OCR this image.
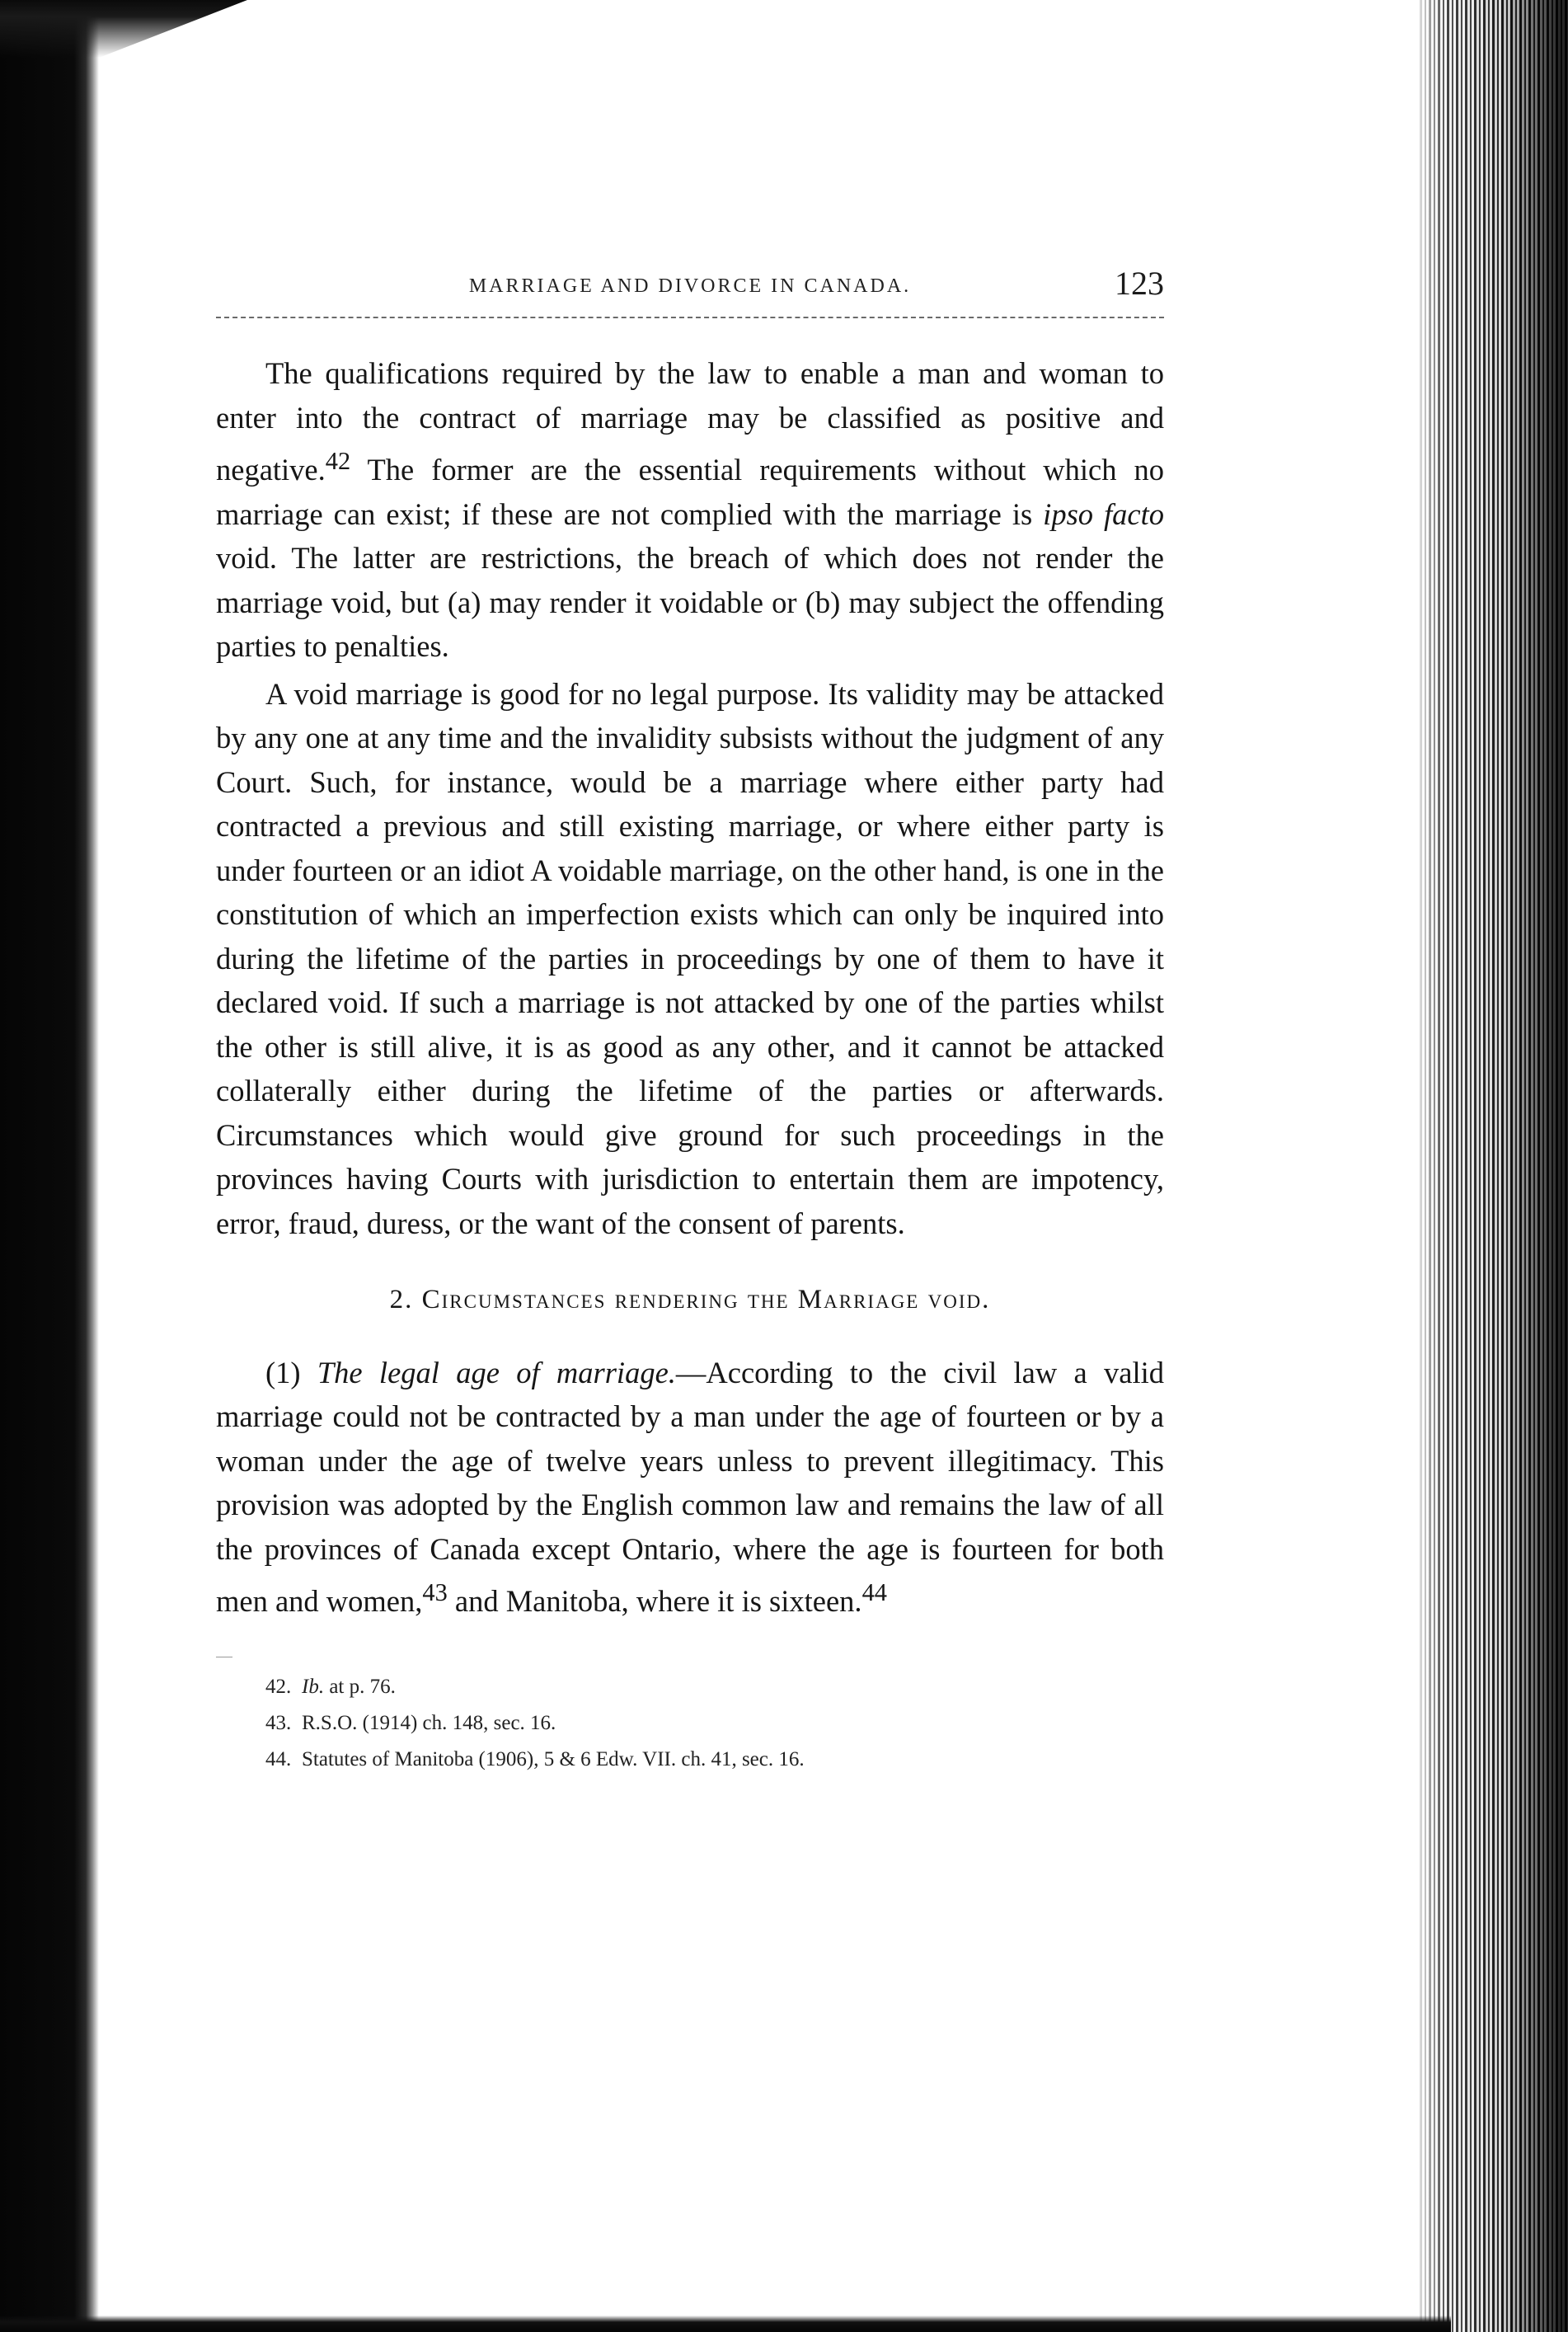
MARRIAGE AND DIVORCE IN CANADA.	123

The qualifications required by the law to enable a man and woman to enter into the contract of marriage may be classified as positive and negative.$^{42}$ The former are the essential requirements without which no marriage can exist; if these are not complied with the marriage is ipso facto void. The latter are restrictions, the breach of which does not render the marriage void, but (a) may render it voidable or (b) may subject the offending parties to penalties.

A void marriage is good for no legal purpose. Its validity may be attacked by any one at any time and the invalidity subsists without the judgment of any Court. Such, for instance, would be a marriage where either party had contracted a previous and still existing marriage, or where either party is under fourteen or an idiot A voidable marriage, on the other hand, is one in the constitution of which an imperfection exists which can only be inquired into during the lifetime of the parties in proceedings by one of them to have it declared void. If such a marriage is not attacked by one of the parties whilst the other is still alive, it is as good as any other, and it cannot be attacked collaterally either during the lifetime of the parties or afterwards. Circumstances which would give ground for such proceedings in the provinces having Courts with jurisdiction to entertain them are impotency, error, fraud, duress, or the want of the consent of parents.

2. Circumstances rendering the Marriage void.

(1) The legal age of marriage.—According to the civil law a valid marriage could not be contracted by a man under the age of fourteen or by a woman under the age of twelve years unless to prevent illegitimacy. This provision was adopted by the English common law and remains the law of all the provinces of Canada except Ontario, where the age is fourteen for both men and women,$^{43}$ and Manitoba, where it is sixteen.$^{44}$

42. Ib. at p. 76.
43. R.S.O. (1914) ch. 148, sec. 16.
44. Statutes of Manitoba (1906), 5 & 6 Edw. VII. ch. 41, sec. 16.
